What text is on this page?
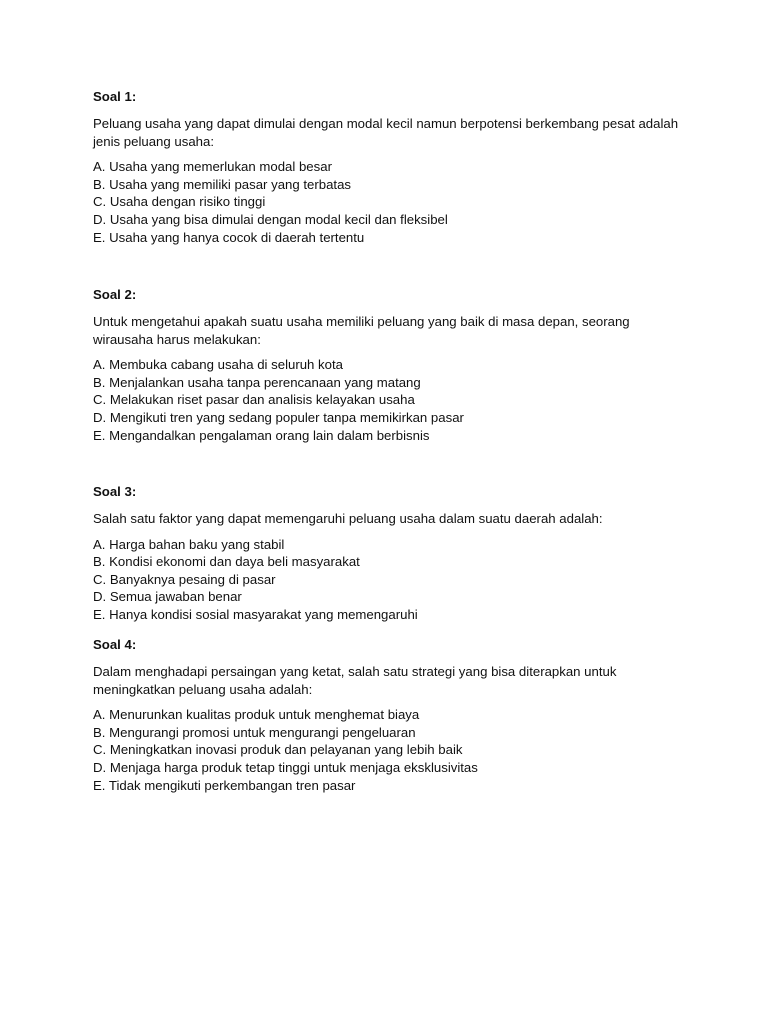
Soal 1:

Peluang usaha yang dapat dimulai dengan modal kecil namun berpotensi berkembang pesat adalah
jenis peluang usaha:

A. Usaha yang memerlukan modal besar
B. Usaha yang memiliki pasar yang terbatas
C. Usaha dengan risiko tinggi
D. Usaha yang bisa dimulai dengan modal kecil dan fleksibel
E. Usaha yang hanya cocok di daerah tertentu

Soal 2:

Untuk mengetahui apakah suatu usaha memiliki peluang yang baik di masa depan, seorang
wirausaha harus melakukan:

A. Membuka cabang usaha di seluruh kota
B. Menjalankan usaha tanpa perencanaan yang matang
C. Melakukan riset pasar dan analisis kelayakan usaha
D. Mengikuti tren yang sedang populer tanpa memikirkan pasar
E. Mengandalkan pengalaman orang lain dalam berbisnis

Soal 3:

Salah satu faktor yang dapat memengaruhi peluang usaha dalam suatu daerah adalah:

A. Harga bahan baku yang stabil
B. Kondisi ekonomi dan daya beli masyarakat
C. Banyaknya pesaing di pasar
D. Semua jawaban benar
E. Hanya kondisi sosial masyarakat yang memengaruhi

Soal 4:

Dalam menghadapi persaingan yang ketat, salah satu strategi yang bisa diterapkan untuk
meningkatkan peluang usaha adalah:

A. Menurunkan kualitas produk untuk menghemat biaya
B. Mengurangi promosi untuk mengurangi pengeluaran
C. Meningkatkan inovasi produk dan pelayanan yang lebih baik
D. Menjaga harga produk tetap tinggi untuk menjaga eksklusivitas
E. Tidak mengikuti perkembangan tren pasar
